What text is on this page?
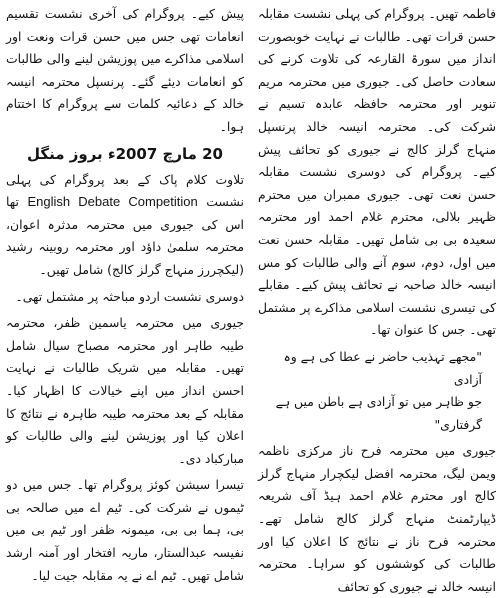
فاطمہ تھیں۔ پروگرام کی پہلی نشست مقابلہ حسن قرات تھی۔ طالبات نے نہایت خوبصورت انداز میں سورۃ القارعہ کی تلاوت کرنے کی سعادت حاصل کی۔ جیوری میں محترمہ مریم تنویر اور محترمہ حافظہ عابدہ تسیم نے شرکت کی۔ محترمہ انیسہ خالد پرنسپل منہاج گرلز کالج نے جیوری کو تحائف پیش کیے۔ پروگرام کی دوسری نشست مقابلہ حسن نعت تھی۔ جیوری ممبران میں محترم ظہیر بلالی، محترم غلام احمد اور محترمہ سعیدہ بی بی شامل تھیں۔ مقابلہ حسن نعت میں اول، دوم، سوم آنے والی طالبات کو مس انیسہ خالد صاحبہ نے تحائف پیش کیے۔ مقابلے کی تیسری نشست اسلامی مذاکرے پر مشتمل تھی۔ جس کا عنوان تھا۔

"مجھے تہذیب حاضر نے عطا کی ہے وہ آزادی

جو ظاہر میں تو آزادی ہے باطن میں ہے گرفتاری"

جیوری میں محترمہ فرح ناز مرکزی ناظمہ ویمن لیگ، محترمہ افضل لیکچرار منہاج گرلز کالج اور محترم غلام احمد ہیڈ آف شریعہ ڈیپارٹمنٹ منہاج گرلز کالج شامل تھے۔ محترمہ فرح ناز نے نتائج کا اعلان کیا اور طالبات کی کوششوں کو سراہا۔ محترمہ انیسہ خالد نے جیوری کو تحائف

پیش کیے۔ پروگرام کی آخری نشست تقسیم انعامات تھی جس میں حسن قرات ونعت اور اسلامی مذاکرے میں پوزیشن لینے والی طالبات کو انعامات دیئے گئے۔ پرنسپل محترمہ انیسہ خالد کے دعائیہ کلمات سے پروگرام کا اختتام ہوا۔

20 مارچ 2007ء بروز منگل

تلاوت کلام پاک کے بعد پروگرام کی پہلی نشست English Debate Competition تھا اس کی جیوری میں محترمہ مدثرہ اعوان، محترمہ سلمیٰ داؤد اور محترمہ روبینہ رشید (لیکچررز منہاج گرلز کالج) شامل تھیں۔

دوسری نشست اردو مباحثہ پر مشتمل تھی۔

جیوری میں محترمہ یاسمین ظفر، محترمہ طیبہ طاہر اور محترمہ مصباح سیال شامل تھیں۔ مقابلہ میں شریک طالبات نے نہایت احسن انداز میں اپنے خیالات کا اظہار کیا۔ مقابلہ کے بعد محترمہ طیبہ طاہرہ نے نتائج کا اعلان کیا اور پوزیشن لینے والی طالبات کو مبارکباد دی۔

تیسرا سیشن کوئز پروگرام تھا۔ جس میں دو ٹیموں نے شرکت کی۔ ٹیم اے میں صالحہ بی بی، ہما بی بی، میمونہ ظفر اور ٹیم بی میں نفیسہ عبدالستار، ماریہ افتخار اور آمنہ ارشد شامل تھیں۔ ٹیم اے نے یہ مقابلہ جیت لیا۔
